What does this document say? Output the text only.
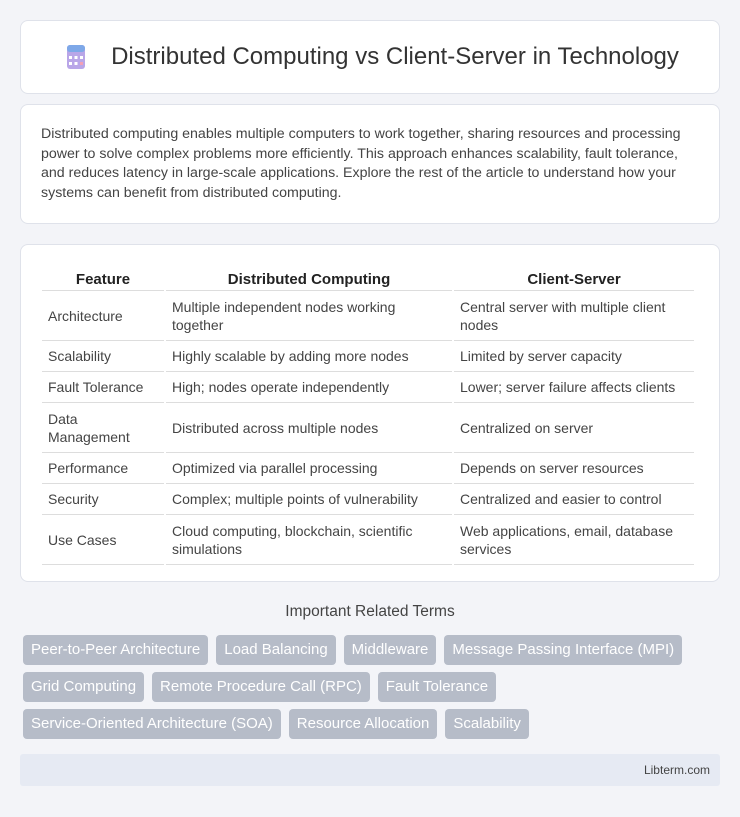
Distributed Computing vs Client-Server in Technology

Distributed computing enables multiple computers to work together, sharing resources and processing power to solve complex problems more efficiently. This approach enhances scalability, fault tolerance, and reduces latency in large-scale applications. Explore the rest of the article to understand how your systems can benefit from distributed computing.

Feature	Distributed Computing	Client-Server
Architecture	Multiple independent nodes working together	Central server with multiple client nodes
Scalability	Highly scalable by adding more nodes	Limited by server capacity
Fault Tolerance	High; nodes operate independently	Lower; server failure affects clients
Data Management	Distributed across multiple nodes	Centralized on server
Performance	Optimized via parallel processing	Depends on server resources
Security	Complex; multiple points of vulnerability	Centralized and easier to control
Use Cases	Cloud computing, blockchain, scientific simulations	Web applications, email, database services
Important Related Terms
Peer-to-Peer Architecture	Load Balancing	Middleware	Message Passing Interface (MPI)
Grid Computing	Remote Procedure Call (RPC)	Fault Tolerance
Service-Oriented Architecture (SOA)	Resource Allocation	Scalability
Libterm.com
